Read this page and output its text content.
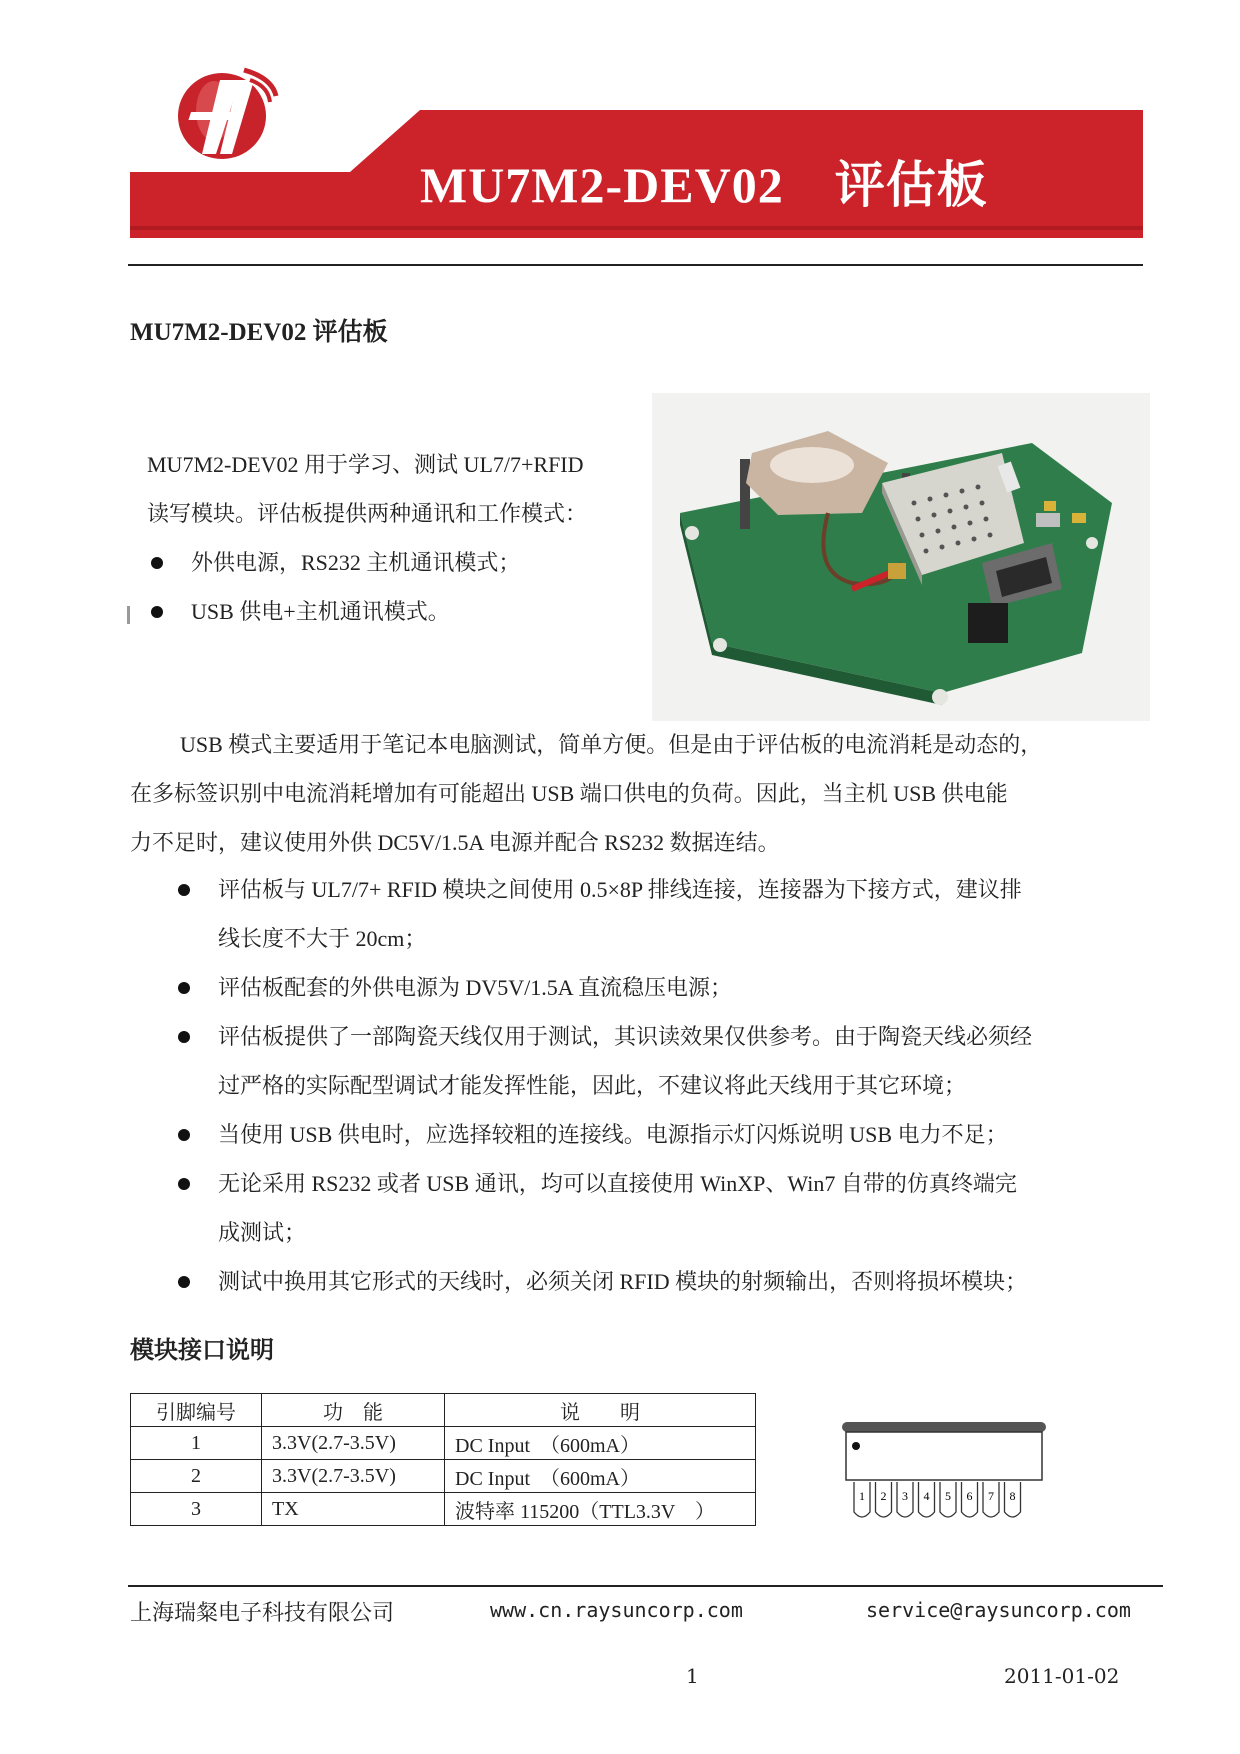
MU7M2-DEV02　评估板
MU7M2-DEV02 评估板

MU7M2-DEV02 用于学习、测试 UL7/7+RFID

读写模块。评估板提供两种通讯和工作模式：

外供电源，RS232 主机通讯模式；
USB 供电+主机通讯模式。

USB 模式主要适用于笔记本电脑测试，简单方便。但是由于评估板的电流消耗是动态的，

在多标签识别中电流消耗增加有可能超出 USB 端口供电的负荷。因此，当主机 USB 供电能

力不足时，建议使用外供 DC5V/1.5A 电源并配合 RS232 数据连结。

评估板与 UL7/7+ RFID 模块之间使用 0.5×8P 排线连接，连接器为下接方式，建议排
线长度不大于 20cm；
评估板配套的外供电源为 DV5V/1.5A 直流稳压电源；
评估板提供了一部陶瓷天线仅用于测试，其识读效果仅供参考。由于陶瓷天线必须经
过严格的实际配型调试才能发挥性能，因此，不建议将此天线用于其它环境；
当使用 USB 供电时，应选择较粗的连接线。电源指示灯闪烁说明 USB 电力不足；
无论采用 RS232 或者 USB 通讯，均可以直接使用 WinXP、Win7 自带的仿真终端完
成测试；
测试中换用其它形式的天线时，必须关闭 RFID 模块的射频输出，否则将损坏模块；
模块接口说明
引脚编号	功　能	说　　明
1	3.3V(2.7-3.5V)	DC Input　（600mA）
2	3.3V(2.7-3.5V)	DC Input　（600mA）
3	TX	波特率 115200（TTL3.3V　）
1 2 3 4 5 6 7 8
上海瑞粲电子科技有限公司	www.cn.raysuncorp.com	service@raysuncorp.com
1	2011-01-02
